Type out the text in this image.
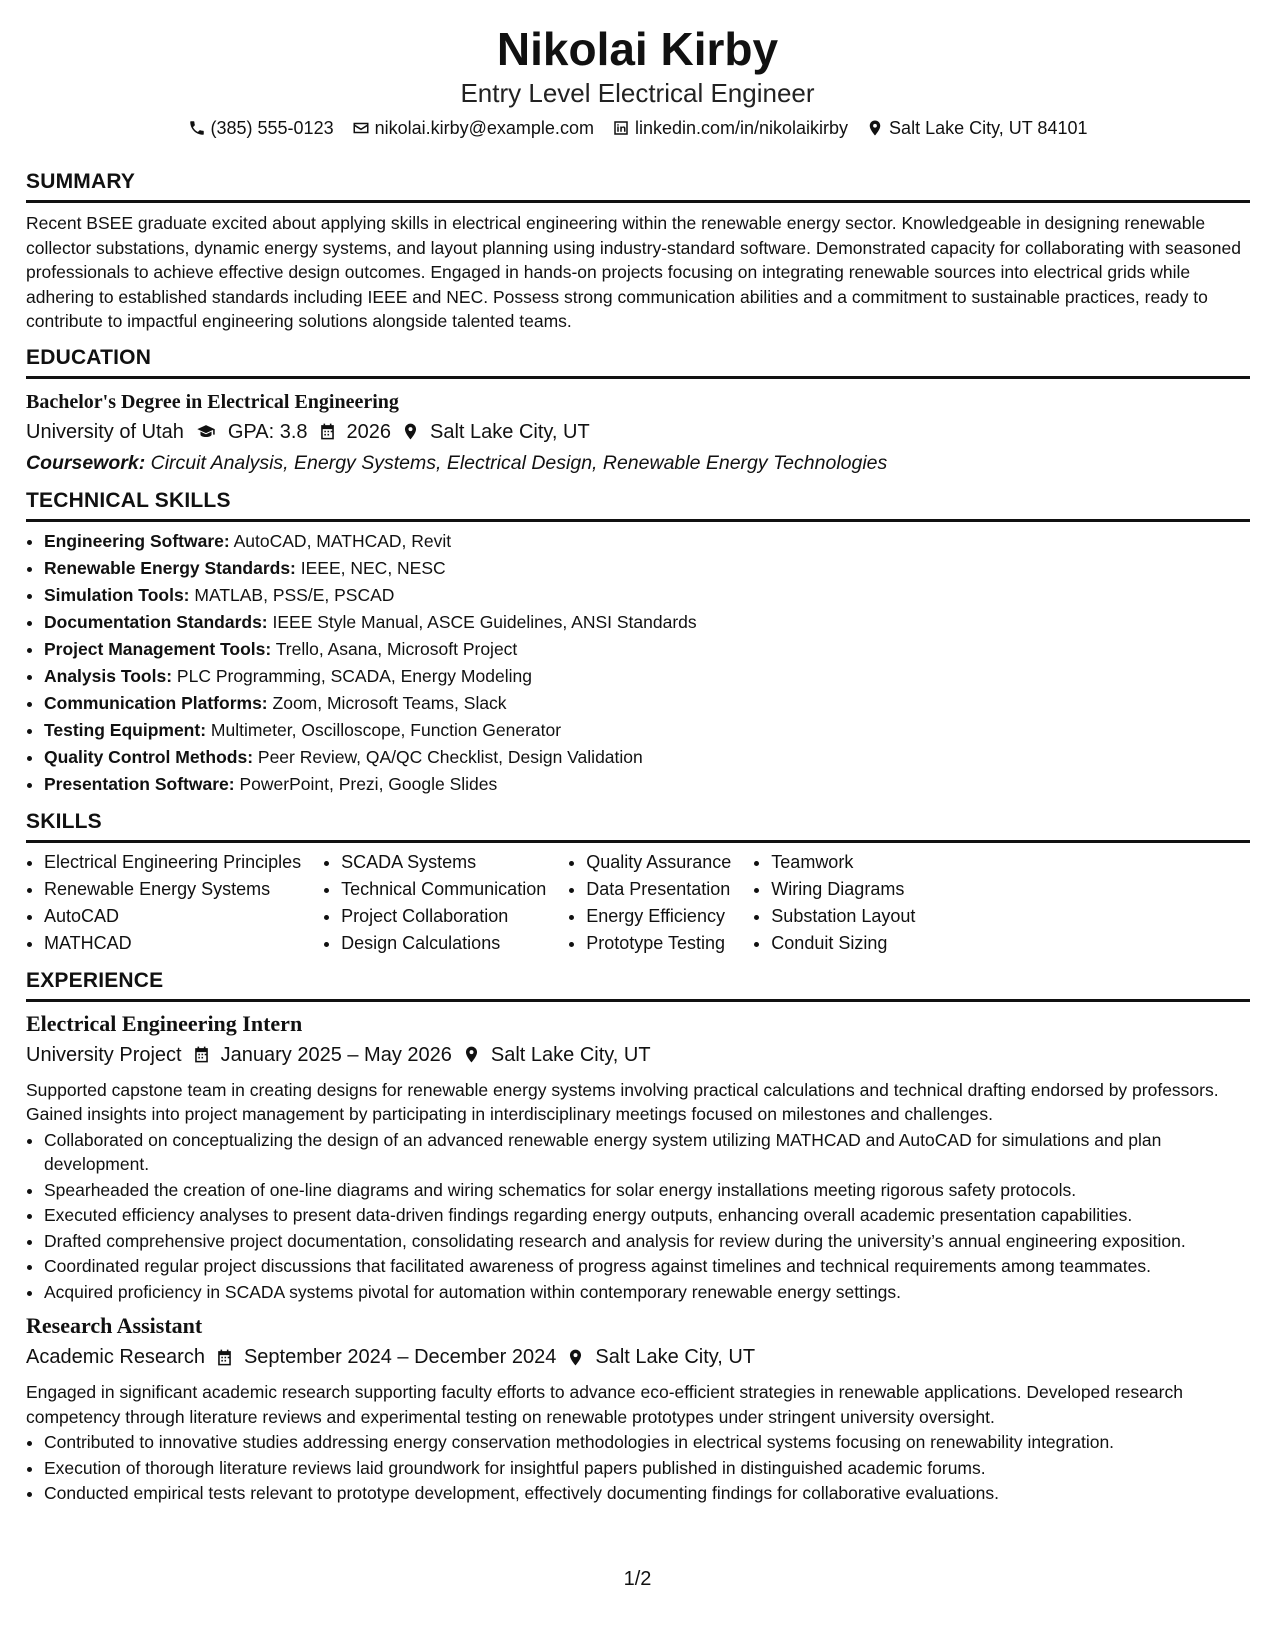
Nikolai Kirby
Entry Level Electrical Engineer
(385) 555-0123 nikolai.kirby@example.com linkedin.com/in/nikolaikirby Salt Lake City, UT 84101
SUMMARY

Recent BSEE graduate excited about applying skills in electrical engineering within the renewable energy sector. Knowledgeable in designing renewable collector substations, dynamic energy systems, and layout planning using industry-standard software. Demonstrated capacity for collaborating with seasoned professionals to achieve effective design outcomes. Engaged in hands-on projects focusing on integrating renewable sources into electrical grids while adhering to established standards including IEEE and NEC. Possess strong communication abilities and a commitment to sustainable practices, ready to contribute to impactful engineering solutions alongside talented teams.

EDUCATION
Bachelor's Degree in Electrical Engineering
University of Utah GPA: 3.8 2026 Salt Lake City, UT
Coursework: Circuit Analysis, Energy Systems, Electrical Design, Renewable Energy Technologies
TECHNICAL SKILLS
• Engineering Software: AutoCAD, MATHCAD, Revit
• Renewable Energy Standards: IEEE, NEC, NESC
• Simulation Tools: MATLAB, PSS/E, PSCAD
• Documentation Standards: IEEE Style Manual, ASCE Guidelines, ANSI Standards
• Project Management Tools: Trello, Asana, Microsoft Project
• Analysis Tools: PLC Programming, SCADA, Energy Modeling
• Communication Platforms: Zoom, Microsoft Teams, Slack
• Testing Equipment: Multimeter, Oscilloscope, Function Generator
• Quality Control Methods: Peer Review, QA/QC Checklist, Design Validation
• Presentation Software: PowerPoint, Prezi, Google Slides
SKILLS
• Electrical Engineering Principles
• Renewable Energy Systems
• AutoCAD
• MATHCAD
• SCADA Systems
• Technical Communication
• Project Collaboration
• Design Calculations
• Quality Assurance
• Data Presentation
• Energy Efficiency
• Prototype Testing
• Teamwork
• Wiring Diagrams
• Substation Layout
• Conduit Sizing
EXPERIENCE
Electrical Engineering Intern
University Project January 2025 – May 2026 Salt Lake City, UT
Supported capstone team in creating designs for renewable energy systems involving practical calculations and technical drafting endorsed by professors. Gained insights into project management by participating in interdisciplinary meetings focused on milestones and challenges.
• Collaborated on conceptualizing the design of an advanced renewable energy system utilizing MATHCAD and AutoCAD for simulations and plan development.
• Spearheaded the creation of one-line diagrams and wiring schematics for solar energy installations meeting rigorous safety protocols.
• Executed efficiency analyses to present data-driven findings regarding energy outputs, enhancing overall academic presentation capabilities.
• Drafted comprehensive project documentation, consolidating research and analysis for review during the university’s annual engineering exposition.
• Coordinated regular project discussions that facilitated awareness of progress against timelines and technical requirements among teammates.
• Acquired proficiency in SCADA systems pivotal for automation within contemporary renewable energy settings.
Research Assistant
Academic Research September 2024 – December 2024 Salt Lake City, UT
Engaged in significant academic research supporting faculty efforts to advance eco-efficient strategies in renewable applications. Developed research competency through literature reviews and experimental testing on renewable prototypes under stringent university oversight.
• Contributed to innovative studies addressing energy conservation methodologies in electrical systems focusing on renewability integration.
• Execution of thorough literature reviews laid groundwork for insightful papers published in distinguished academic forums.
• Conducted empirical tests relevant to prototype development, effectively documenting findings for collaborative evaluations.
1/2
